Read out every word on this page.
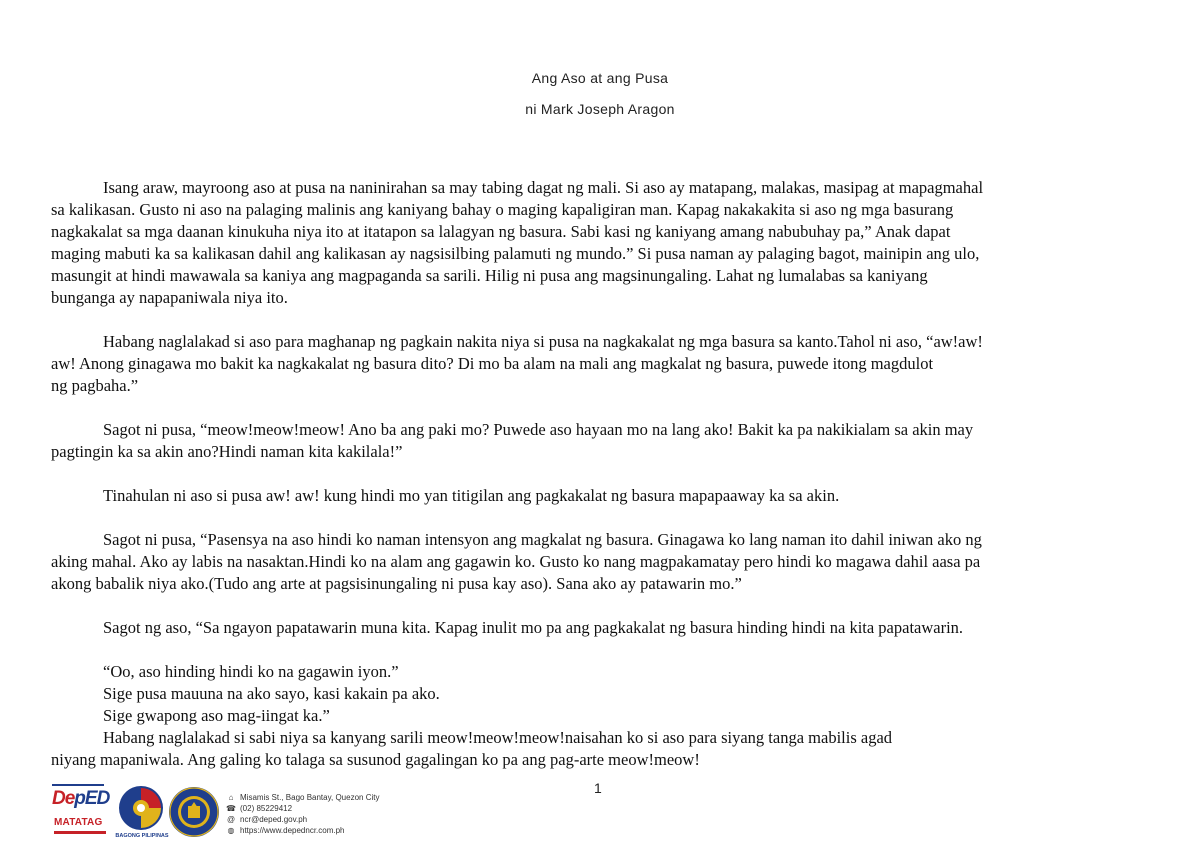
Ang Aso at ang Pusa
ni Mark Joseph Aragon

Isang araw, mayroong aso at pusa na naninirahan sa may tabing dagat ng mali. Si aso ay matapang, malakas, masipag at mapagmahal
sa kalikasan. Gusto ni aso na palaging malinis ang kaniyang bahay o maging kapaligiran man. Kapag nakakakita si aso ng mga basurang
nagkakalat sa mga daanan kinukuha niya ito at itatapon sa lalagyan ng basura. Sabi kasi ng kaniyang amang nabubuhay pa,” Anak dapat
maging mabuti ka sa kalikasan dahil ang kalikasan ay nagsisilbing palamuti ng mundo.” Si pusa naman ay palaging bagot, mainipin ang ulo,
masungit at hindi mawawala sa kaniya ang magpaganda sa sarili. Hilig ni pusa ang magsinungaling. Lahat ng lumalabas sa kaniyang
bunganga ay napapaniwala niya ito.

Habang naglalakad si aso para maghanap ng pagkain nakita niya si pusa na nagkakalat ng mga basura sa kanto.Tahol ni aso, “aw!aw!
aw! Anong ginagawa mo bakit ka nagkakalat ng basura dito? Di mo ba alam na mali ang magkalat ng basura, puwede itong magdulot
ng pagbaha.”

Sagot ni pusa, “meow!meow!meow! Ano ba ang paki mo? Puwede aso hayaan mo na lang ako! Bakit ka pa nakikialam sa akin may
pagtingin ka sa akin ano?Hindi naman kita kakilala!”

Tinahulan ni aso si pusa aw! aw! kung hindi mo yan titigilan ang pagkakalat ng basura mapapaaway ka sa akin.

Sagot ni pusa, “Pasensya na aso hindi ko naman intensyon ang magkalat ng basura. Ginagawa ko lang naman ito dahil iniwan ako ng
aking mahal. Ako ay labis na nasaktan.Hindi ko na alam ang gagawin ko. Gusto ko nang magpakamatay pero hindi ko magawa dahil aasa pa
akong babalik niya ako.(Tudo ang arte at pagsisinungaling ni pusa kay aso). Sana ako ay patawarin mo.”

Sagot ng aso, “Sa ngayon papatawarin muna kita. Kapag inulit mo pa ang pagkakalat ng basura hinding hindi na kita papatawarin.

“Oo, aso hinding hindi ko na gagawin iyon.”
Sige pusa mauuna na ako sayo, kasi kakain pa ako.
Sige gwapong aso mag-iingat ka.”
Habang naglalakad si sabi niya sa kanyang sarili meow!meow!meow!naisahan ko si aso para siyang tanga mabilis agad
niyang mapaniwala. Ang galing ko talaga sa susunod gagalingan ko pa ang pag-arte meow!meow!

1
DepED
MATATAG
BAGONG PILIPINAS
⌂ Misamis St., Bago Bantay, Quezon City
☎ (02) 85229412
@ ncr@deped.gov.ph
◍ https://www.depedncr.com.ph
